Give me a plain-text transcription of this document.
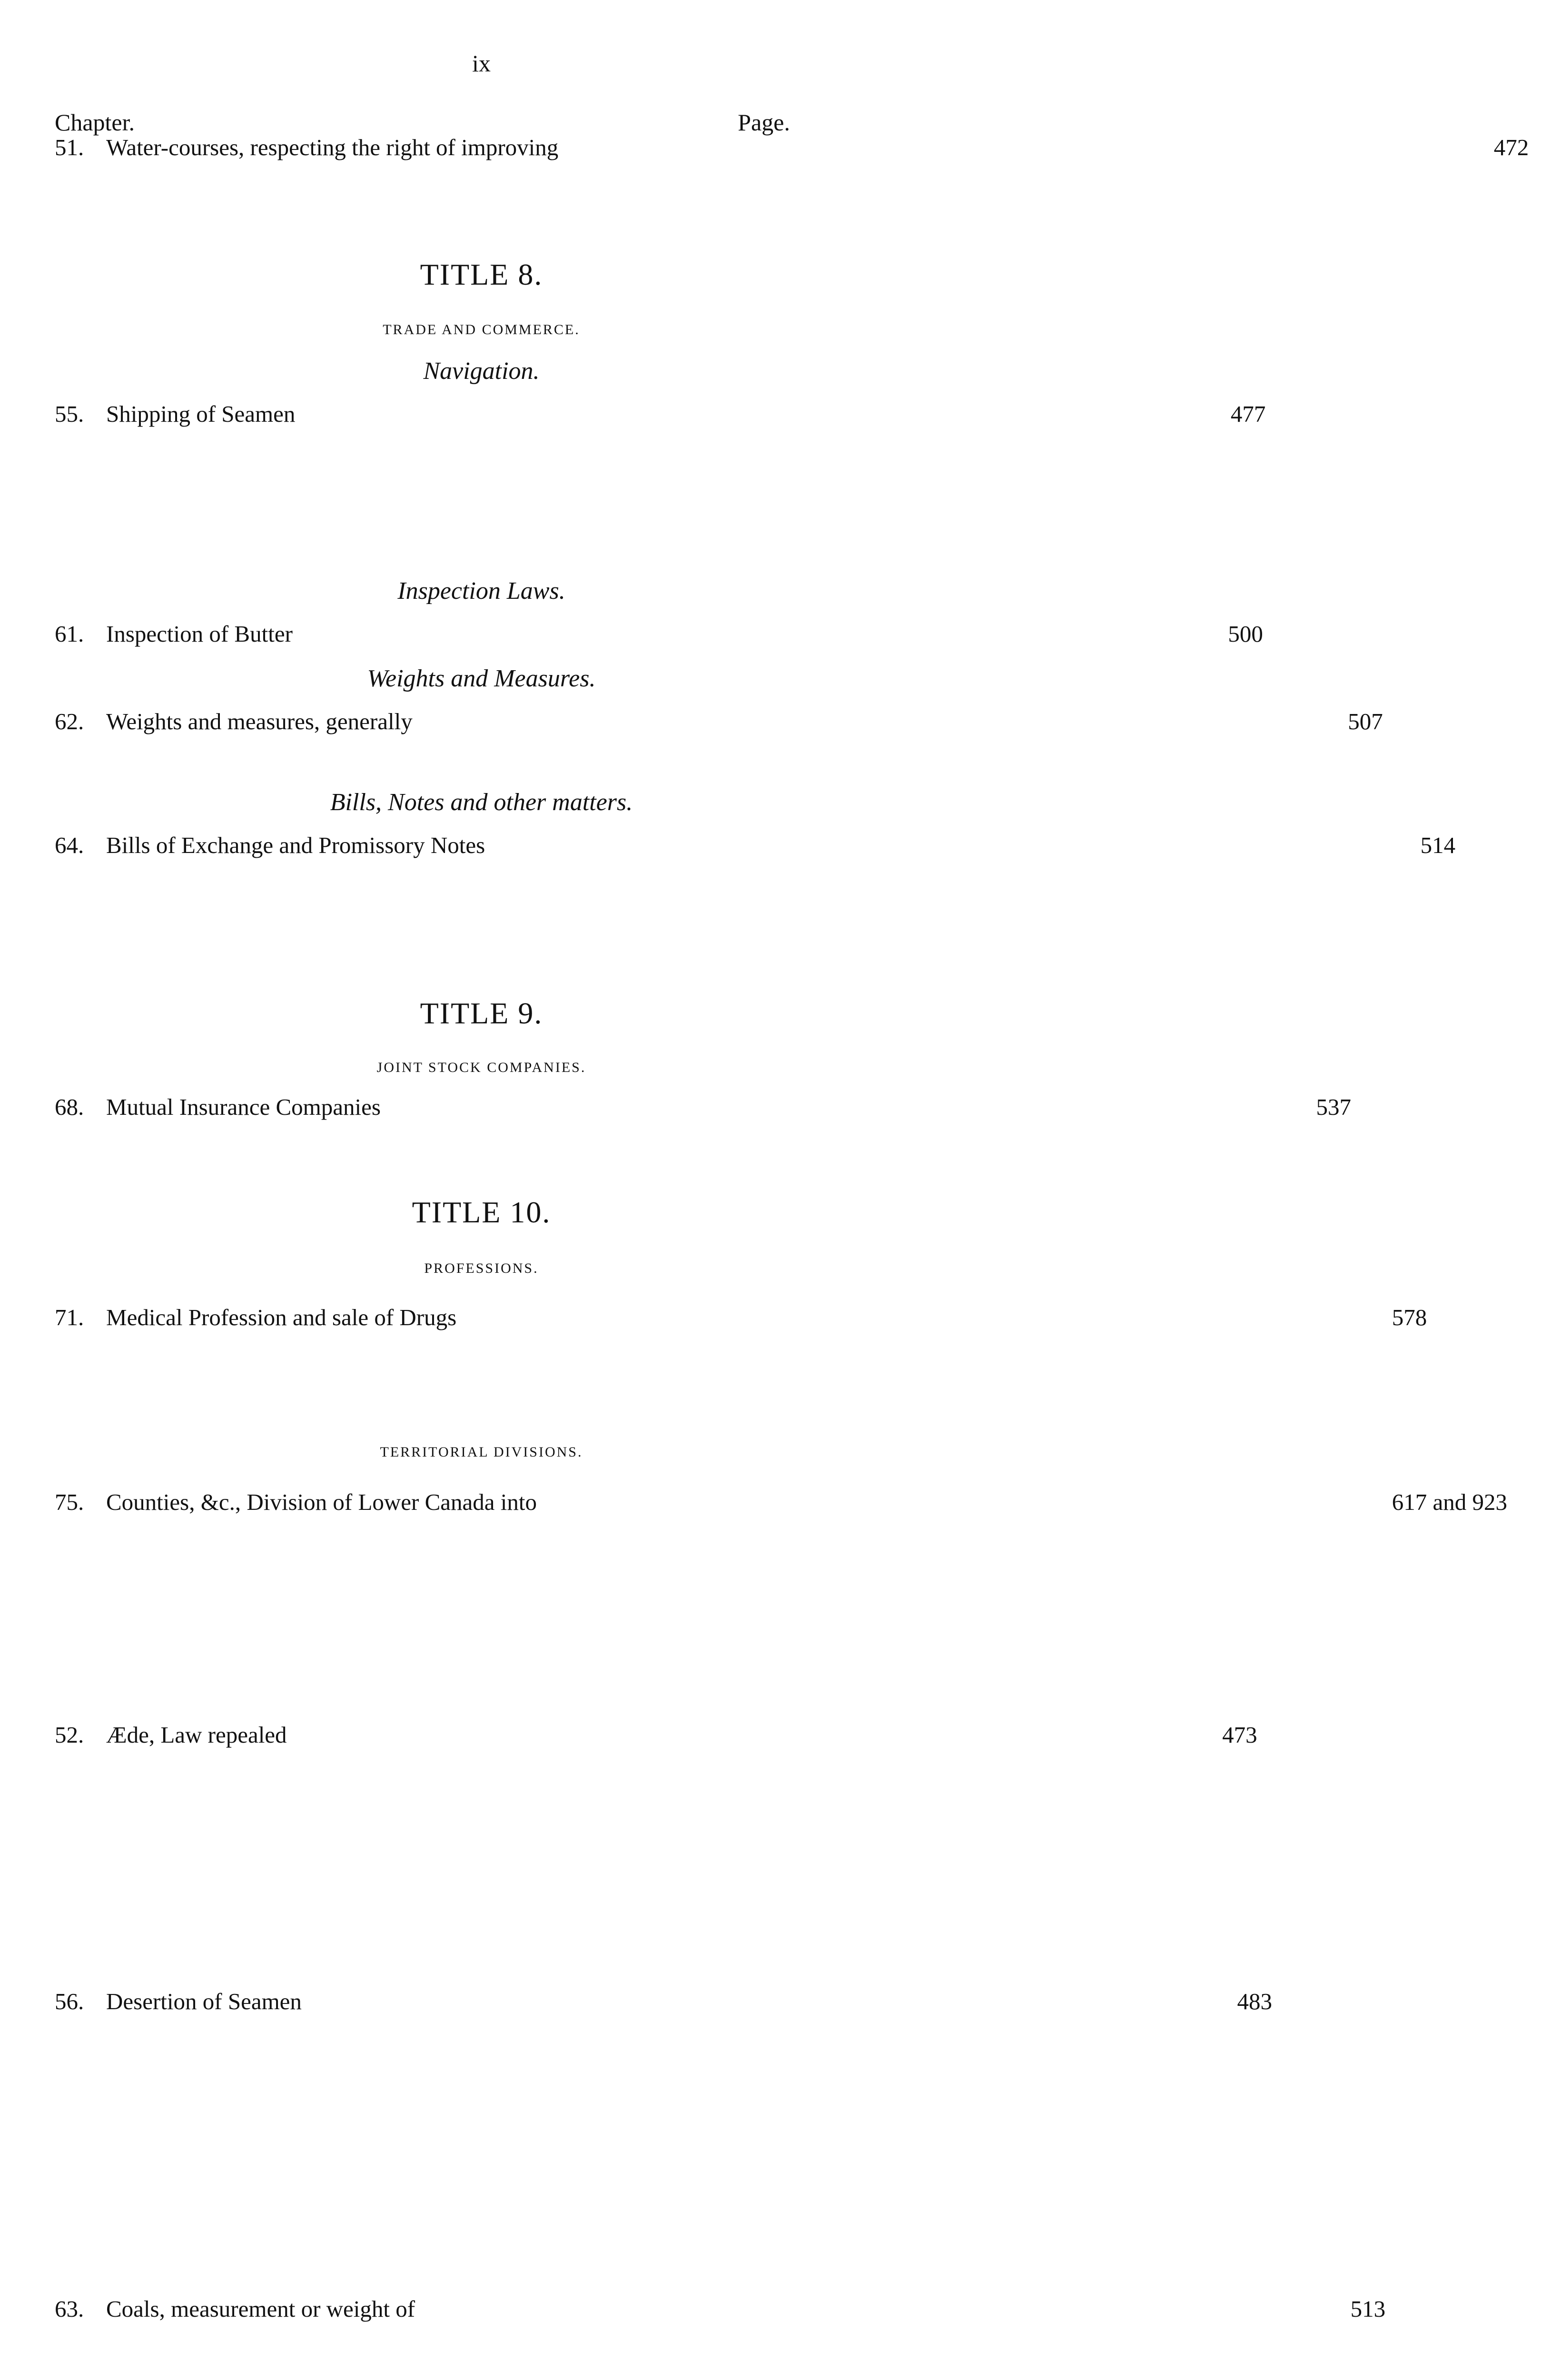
ix
Chapter.	Page.
51. Water-courses, respecting the right of improving	472
52. Æde, Law repealed	473
TITLE 8.
TRADE AND COMMERCE.
Navigation.
55. Shipping of Seamen	477
56. Desertion of Seamen	483
Inspection Laws.
61. Inspection of Butter	500
Weights and Measures.
62. Weights and measures, generally	507
63. Coals, measurement or weight of	513
Bills, Notes and other matters.
64. Bills of Exchange and Promissory Notes	514
TITLE 9.
JOINT STOCK COMPANIES.
68. Mutual Insurance Companies	537
TITLE 10.
PROFESSIONS.
71. Medical Profession and sale of Drugs	578
TERRITORIAL DIVISIONS.
75. Counties, &c., Division of Lower Canada into	617 and 923
